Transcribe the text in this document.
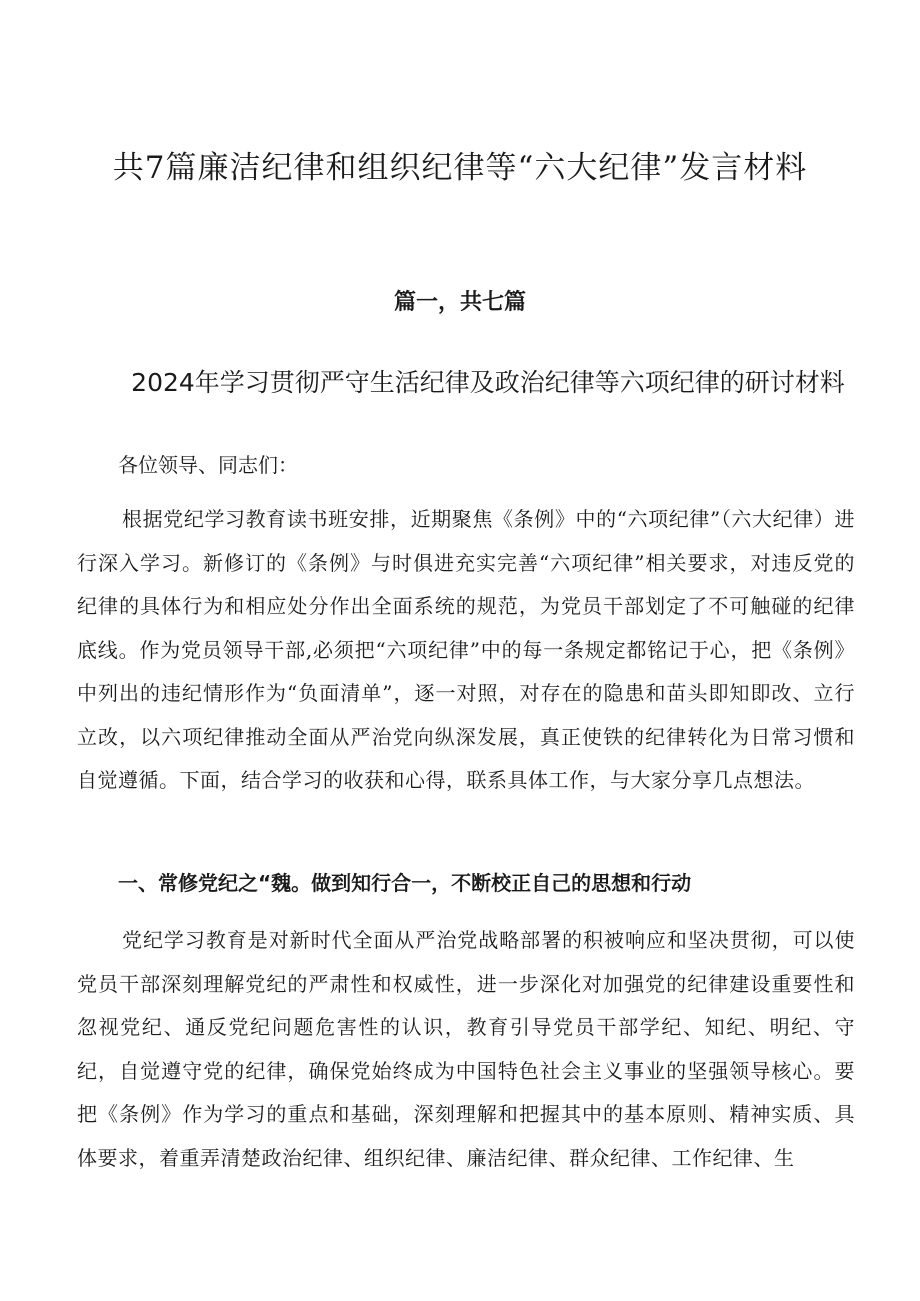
共7篇廉洁纪律和组织纪律等“六大纪律”发言材料
篇一，共七篇
2024年学习贯彻严守生活纪律及政治纪律等六项纪律的研讨材料
各位领导、同志们：

根据党纪学习教育读书班安排，近期聚焦《条例》中的“六项纪律”（六大纪律）进行深入学习。新修订的《条例》与时俱进充实完善“六项纪律”相关要求，对违反党的纪律的具体行为和相应处分作出全面系统的规范，为党员干部划定了不可触碰的纪律底线。作为党员领导干部,必须把“六项纪律”中的每一条规定都铭记于心，把《条例》中列出的违纪情形作为“负面清单”，逐一对照，对存在的隐患和苗头即知即改、立行立改，以六项纪律推动全面从严治党向纵深发展，真正使铁的纪律转化为日常习惯和自觉遵循。下面，结合学习的收获和心得，联系具体工作，与大家分享几点想法。

一、常修党纪之“魏。做到知行合一，不断校正自己的思想和行动

党纪学习教育是对新时代全面从严治党战略部署的积被响应和坚决贯彻，可以使党员干部深刻理解党纪的严肃性和权威性，进一步深化对加强党的纪律建设重要性和忽视党纪、通反党纪问题危害性的认识，教育引导党员干部学纪、知纪、明纪、守纪，自觉遵守党的纪律，确保党始终成为中国特色社会主义事业的坚强领导核心。要把《条例》作为学习的重点和基础，深刻理解和把握其中的基本原则、精神实质、具体要求，着重弄清楚政治纪律、组织纪律、廉洁纪律、群众纪律、工作纪律、生
